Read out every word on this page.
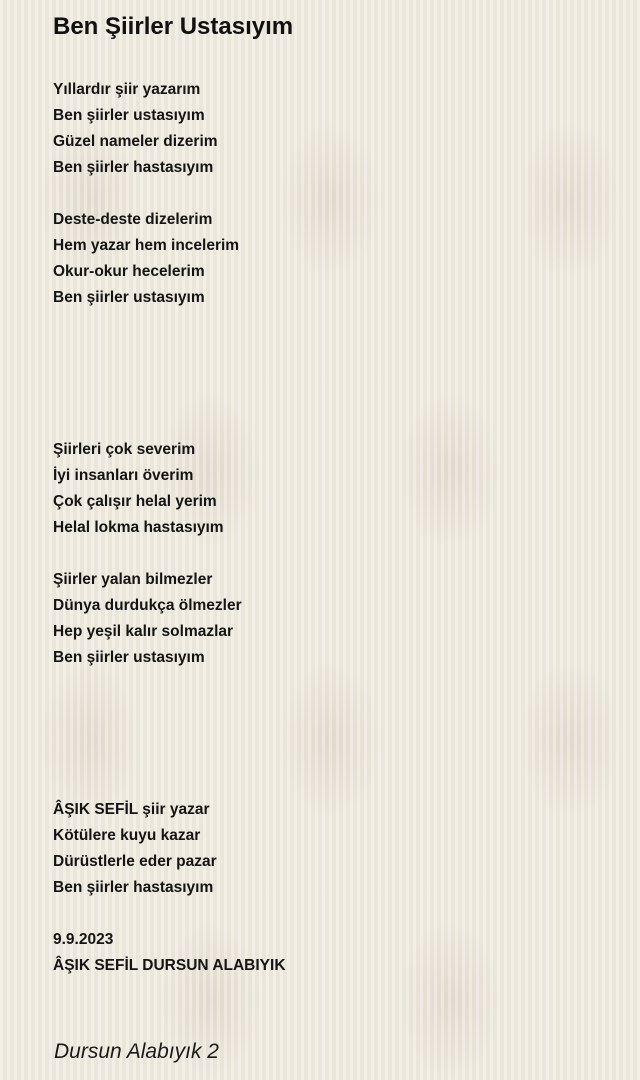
Ben Şiirler Ustasıyım
Yıllardır şiir yazarım
Ben şiirler ustasıyım
Güzel nameler dizerim
Ben şiirler hastasıyım
Deste-deste dizelerim
Hem yazar hem incelerim
Okur-okur hecelerim
Ben şiirler ustasıyım
Şiirleri çok severim
İyi insanları överim
Çok çalışır helal yerim
Helal lokma hastasıyım
Şiirler yalan bilmezler
Dünya durdukça ölmezler
Hep yeşil kalır solmazlar
Ben şiirler ustasıyım
ÂŞIK SEFİL şiir yazar
Kötülere kuyu kazar
Dürüstlerle eder pazar
Ben şiirler hastasıyım
9.9.2023
ÂŞIK SEFİL DURSUN ALABIYIK
Dursun Alabıyık 2
